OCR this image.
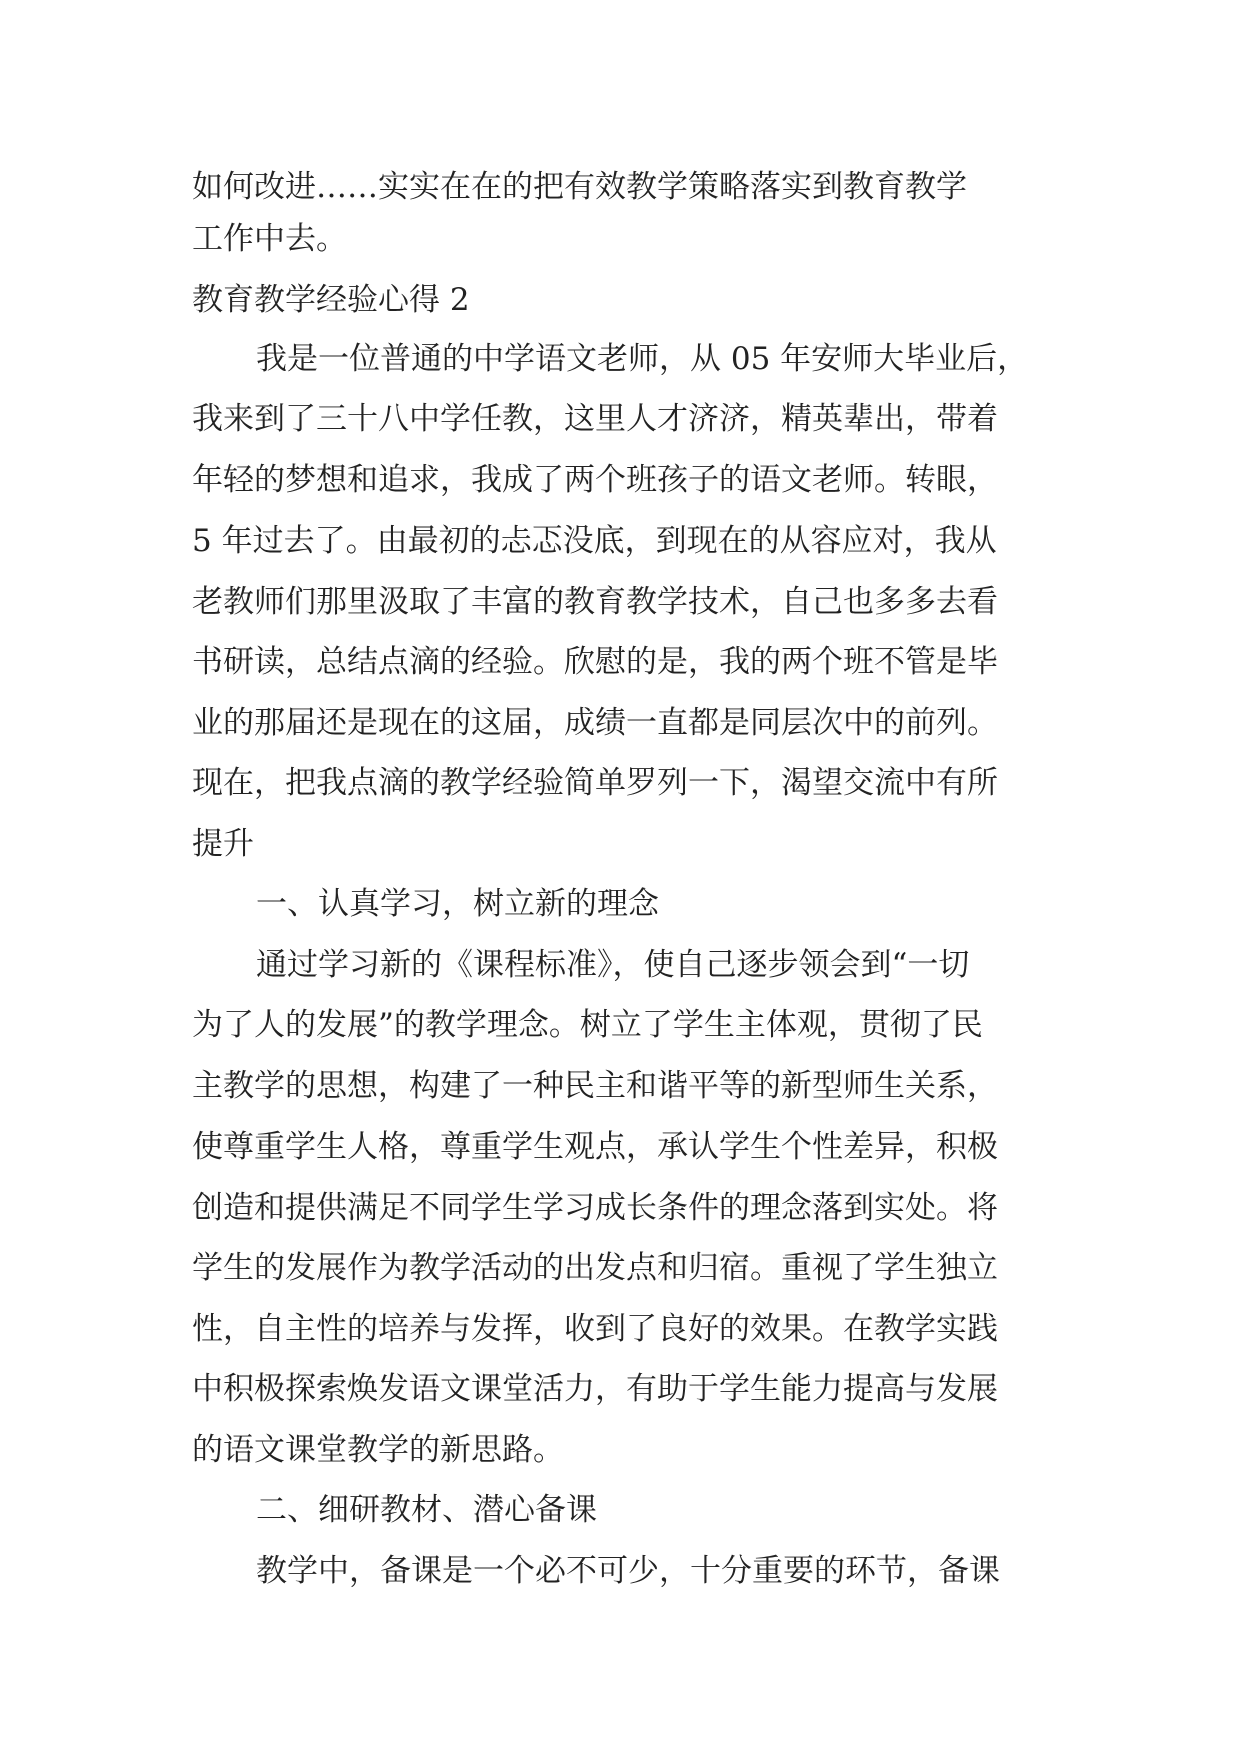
如何改进……实实在在的把有效教学策略落实到教育教学
工作中去。
教育教学经验心得 2
我是一位普通的中学语文老师，从 05 年安师大毕业后，
我来到了三十八中学任教，这里人才济济，精英辈出，带着
年轻的梦想和追求，我成了两个班孩子的语文老师。转眼，
5 年过去了。由最初的忐忑没底，到现在的从容应对，我从
老教师们那里汲取了丰富的教育教学技术，自己也多多去看
书研读，总结点滴的经验。欣慰的是，我的两个班不管是毕
业的那届还是现在的这届，成绩一直都是同层次中的前列。
现在，把我点滴的教学经验简单罗列一下，渴望交流中有所
提升
一、认真学习，树立新的理念
通过学习新的《课程标准》，使自己逐步领会到“一切
为了人的发展”的教学理念。树立了学生主体观，贯彻了民
主教学的思想，构建了一种民主和谐平等的新型师生关系，
使尊重学生人格，尊重学生观点，承认学生个性差异，积极
创造和提供满足不同学生学习成长条件的理念落到实处。将
学生的发展作为教学活动的出发点和归宿。重视了学生独立
性，自主性的培养与发挥，收到了良好的效果。在教学实践
中积极探索焕发语文课堂活力，有助于学生能力提高与发展
的语文课堂教学的新思路。
二、细研教材、潜心备课
教学中，备课是一个必不可少，十分重要的环节，备课
